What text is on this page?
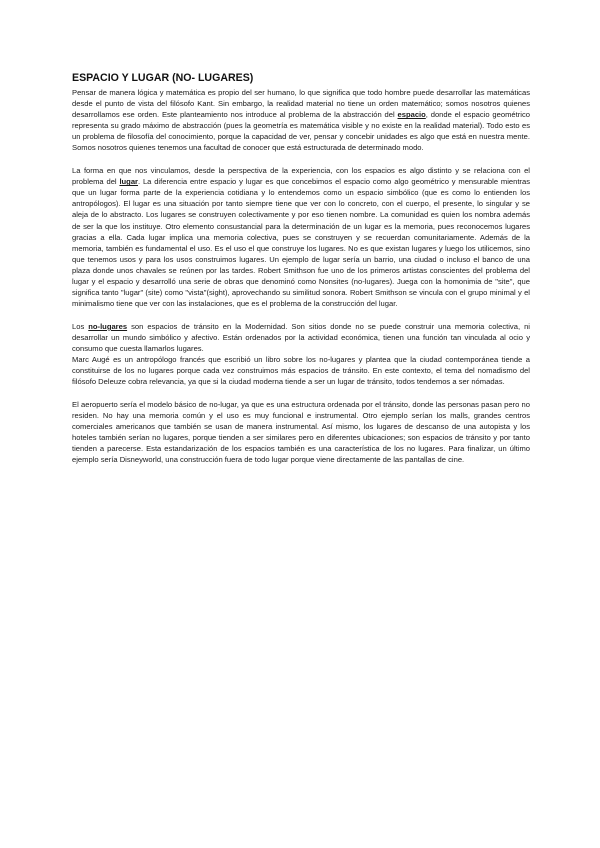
ESPACIO Y LUGAR (NO- LUGARES)

Pensar de manera lógica y matemática es propio del ser humano, lo que significa que todo hombre puede desarrollar las matemáticas desde el punto de vista del filósofo Kant. Sin embargo, la realidad material no tiene un orden matemático; somos nosotros quienes desarrollamos ese orden. Este planteamiento nos introduce al problema de la abstracción del espacio, donde el espacio geométrico representa su grado máximo de abstracción (pues la geometría es matemática visible y no existe en la realidad material). Todo esto es un problema de filosofía del conocimiento, porque la capacidad de ver, pensar y concebir unidades es algo que está en nuestra mente. Somos nosotros quienes tenemos una facultad de conocer que está estructurada de determinado modo.

La forma en que nos vinculamos, desde la perspectiva de la experiencia, con los espacios es algo distinto y se relaciona con el problema del lugar. La diferencia entre espacio y lugar es que concebimos el espacio como algo geométrico y mensurable mientras que un lugar forma parte de la experiencia cotidiana y lo entendemos como un espacio simbólico (que es como lo entienden los antropólogos). El lugar es una situación por tanto siempre tiene que ver con lo concreto, con el cuerpo, el presente, lo singular y se aleja de lo abstracto. Los lugares se construyen colectivamente y por eso tienen nombre. La comunidad es quien los nombra además de ser la que los instituye. Otro elemento consustancial para la determinación de un lugar es la memoria, pues reconocemos lugares gracias a ella. Cada lugar implica una memoria colectiva, pues se construyen y se recuerdan comunitariamente. Además de la memoria, también es fundamental el uso. Es el uso el que construye los lugares. No es que existan lugares y luego los utilicemos, sino que tenemos usos y para los usos construimos lugares. Un ejemplo de lugar sería un barrio, una ciudad o incluso el banco de una plaza donde unos chavales se reúnen por las tardes. Robert Smithson fue uno de los primeros artistas conscientes del problema del lugar y el espacio y desarrolló una serie de obras que denominó como Nonsites (no-lugares). Juega con la homonimia de "site", que significa tanto "lugar" (site) como "vista"(sight), aprovechando su similitud sonora. Robert Smithson se vincula con el grupo minimal y el minimalismo tiene que ver con las instalaciones, que es el problema de la construcción del lugar.

Los no-lugares son espacios de tránsito en la Modernidad. Son sitios donde no se puede construir una memoria colectiva, ni desarrollar un mundo simbólico y afectivo. Están ordenados por la actividad económica, tienen una función tan vinculada al ocio y consumo que cuesta llamarlos lugares.

Marc Augé es un antropólogo francés que escribió un libro sobre los no-lugares y plantea que la ciudad contemporánea tiende a constituirse de los no lugares porque cada vez construimos más espacios de tránsito. En este contexto, el tema del nomadismo del filósofo Deleuze cobra relevancia, ya que si la ciudad moderna tiende a ser un lugar de tránsito, todos tendemos a ser nómadas.

El aeropuerto sería el modelo básico de no-lugar, ya que es una estructura ordenada por el tránsito, donde las personas pasan pero no residen. No hay una memoria común y el uso es muy funcional e instrumental. Otro ejemplo serían los malls, grandes centros comerciales americanos que también se usan de manera instrumental. Así mismo, los lugares de descanso de una autopista y los hoteles también serían no lugares, porque tienden a ser similares pero en diferentes ubicaciones; son espacios de tránsito y por tanto tienden a parecerse. Esta estandarización de los espacios también es una característica de los no lugares. Para finalizar, un último ejemplo sería Disneyworld, una construcción fuera de todo lugar porque viene directamente de las pantallas de cine.
